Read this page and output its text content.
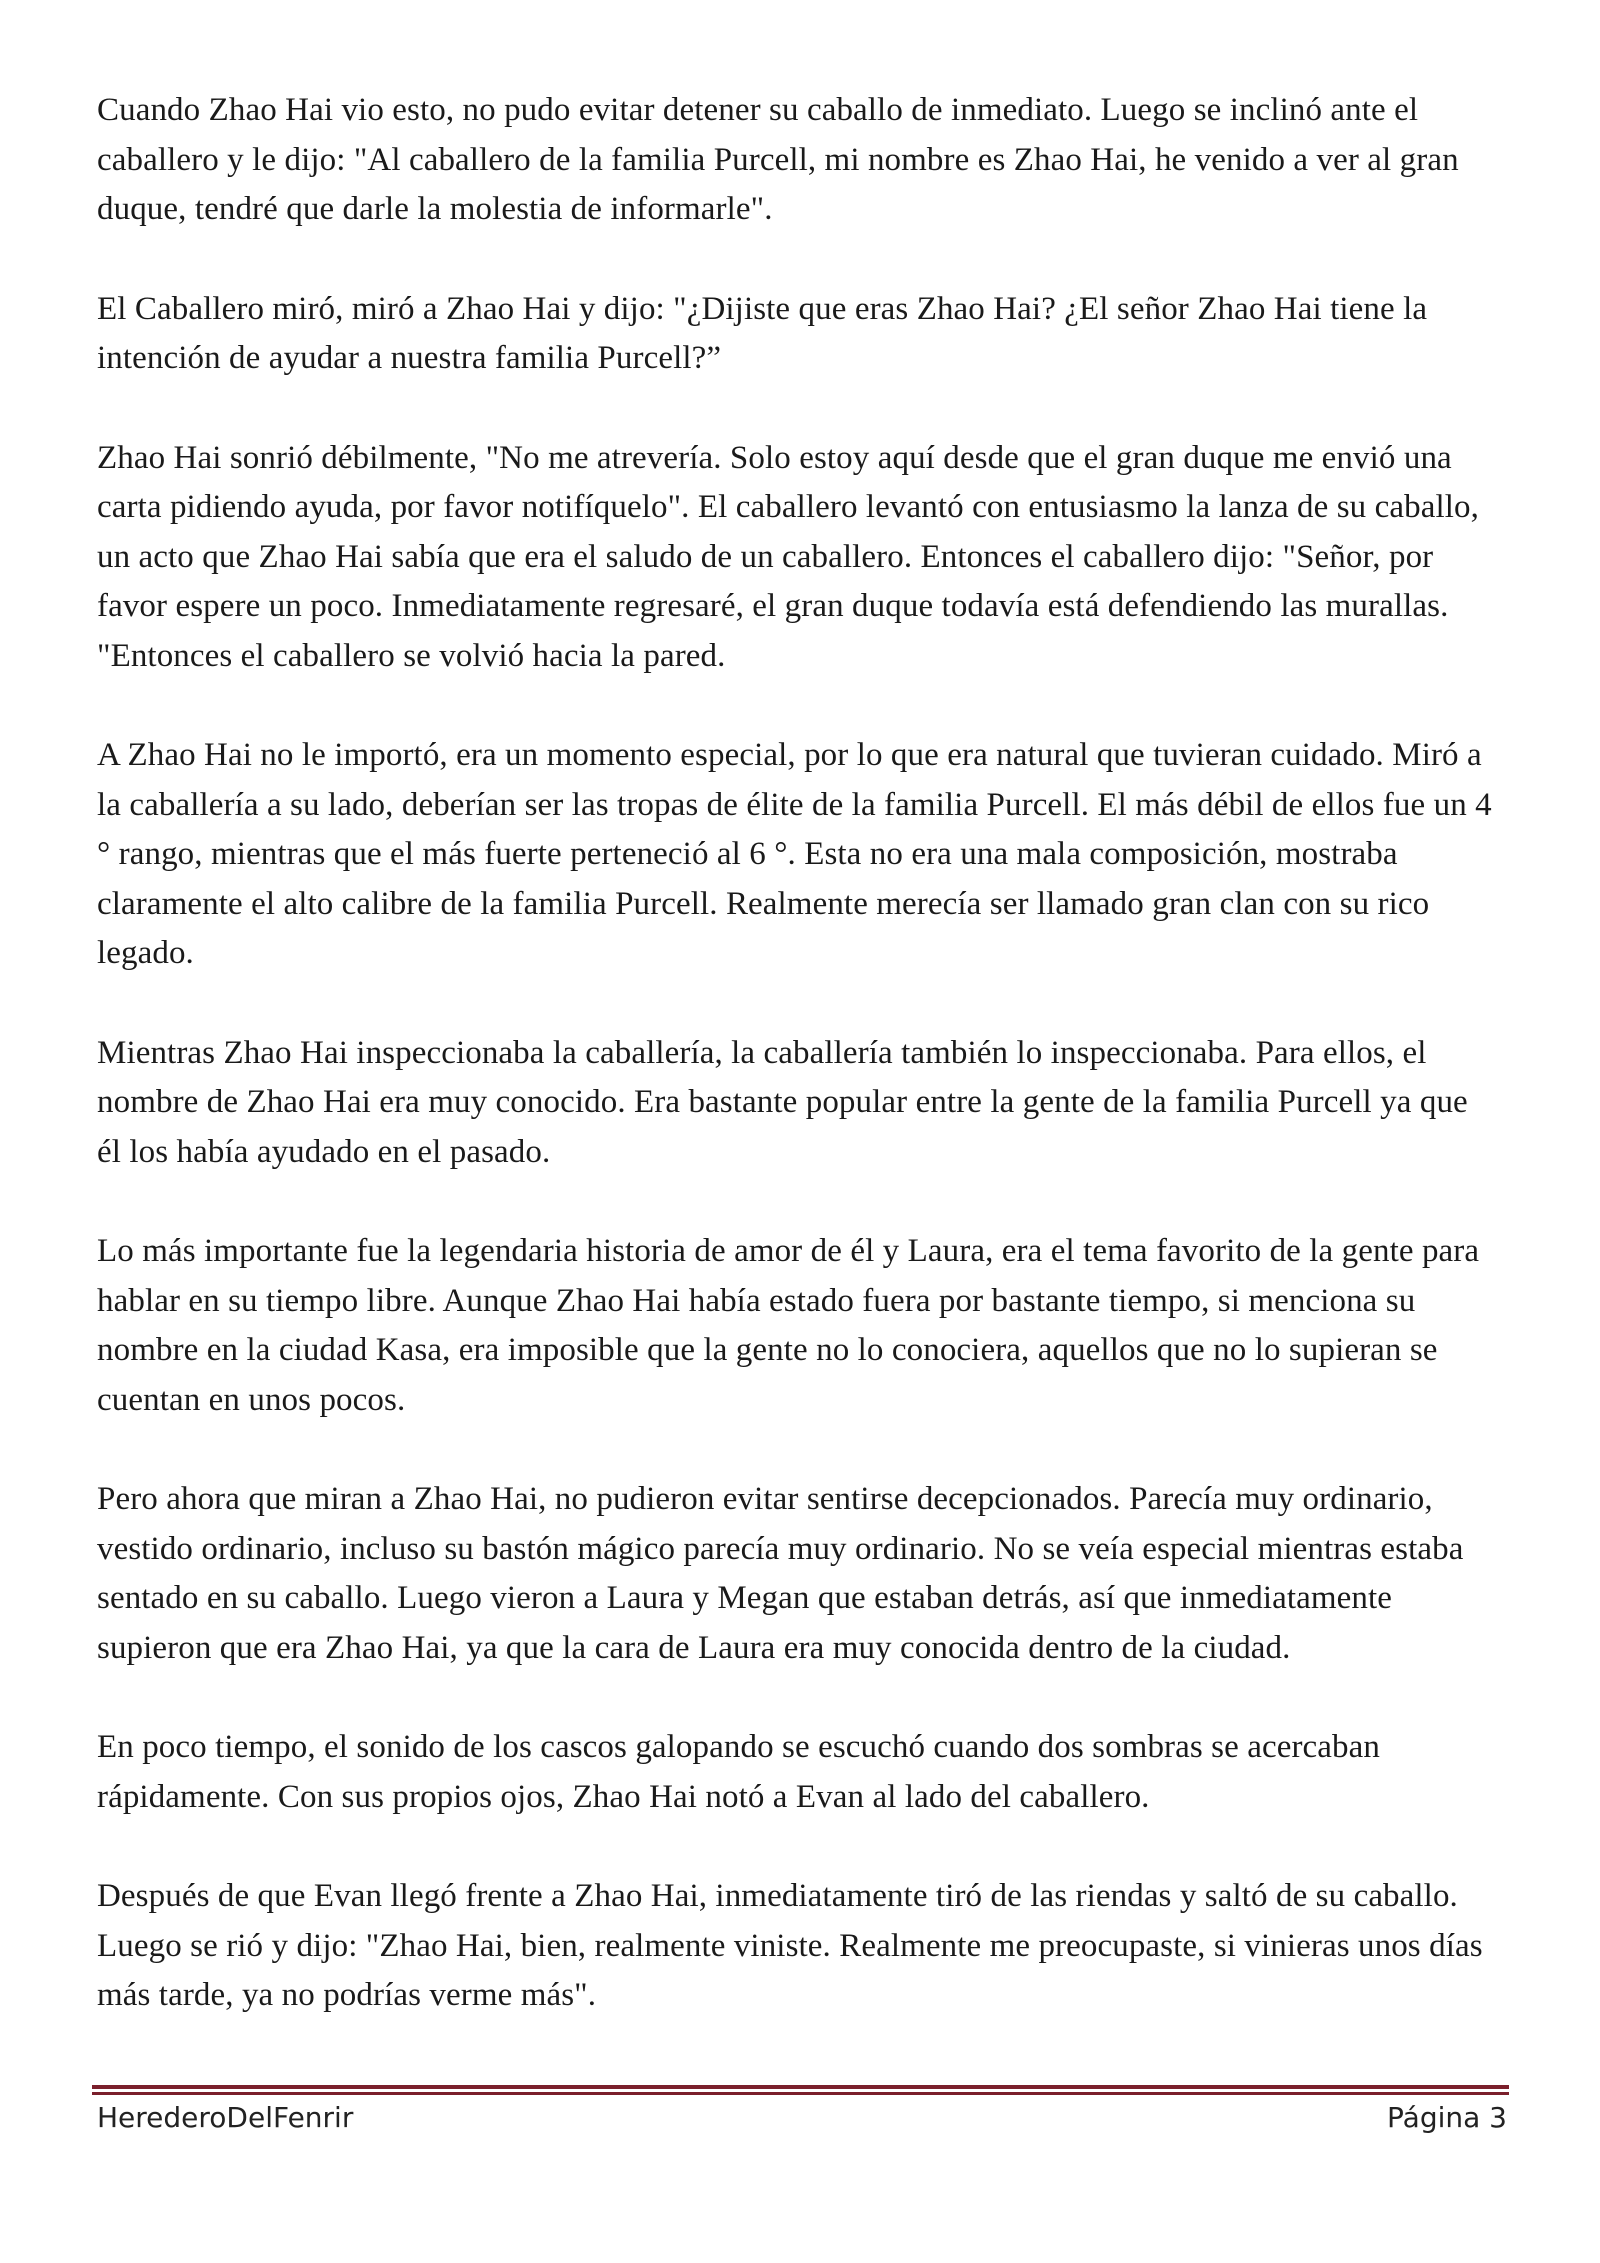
Cuando Zhao Hai vio esto, no pudo evitar detener su caballo de inmediato. Luego se inclinó ante el caballero y le dijo: "Al caballero de la familia Purcell, mi nombre es Zhao Hai, he venido a ver al gran duque, tendré que darle la molestia de informarle".

El Caballero miró, miró a Zhao Hai y dijo: "¿Dijiste que eras Zhao Hai? ¿El señor Zhao Hai tiene la intención de ayudar a nuestra familia Purcell?”

Zhao Hai sonrió débilmente, "No me atrevería. Solo estoy aquí desde que el gran duque me envió una carta pidiendo ayuda, por favor notifíquelo". El caballero levantó con entusiasmo la lanza de su caballo, un acto que Zhao Hai sabía que era el saludo de un caballero. Entonces el caballero dijo: "Señor, por favor espere un poco. Inmediatamente regresaré, el gran duque todavía está defendiendo las murallas. "Entonces el caballero se volvió hacia la pared.

A Zhao Hai no le importó, era un momento especial, por lo que era natural que tuvieran cuidado. Miró a la caballería a su lado, deberían ser las tropas de élite de la familia Purcell. El más débil de ellos fue un 4 ° rango, mientras que el más fuerte perteneció al 6 °. Esta no era una mala composición, mostraba claramente el alto calibre de la familia Purcell. Realmente merecía ser llamado gran clan con su rico legado.

Mientras Zhao Hai inspeccionaba la caballería, la caballería también lo inspeccionaba. Para ellos, el nombre de Zhao Hai era muy conocido. Era bastante popular entre la gente de la familia Purcell ya que él los había ayudado en el pasado.

Lo más importante fue la legendaria historia de amor de él y Laura, era el tema favorito de la gente para hablar en su tiempo libre. Aunque Zhao Hai había estado fuera por bastante tiempo, si menciona su nombre en la ciudad Kasa, era imposible que la gente no lo conociera, aquellos que no lo supieran se cuentan en unos pocos.

Pero ahora que miran a Zhao Hai, no pudieron evitar sentirse decepcionados. Parecía muy ordinario, vestido ordinario, incluso su bastón mágico parecía muy ordinario. No se veía especial mientras estaba sentado en su caballo. Luego vieron a Laura y Megan que estaban detrás, así que inmediatamente supieron que era Zhao Hai, ya que la cara de Laura era muy conocida dentro de la ciudad.

En poco tiempo, el sonido de los cascos galopando se escuchó cuando dos sombras se acercaban rápidamente. Con sus propios ojos, Zhao Hai notó a Evan al lado del caballero.

Después de que Evan llegó frente a Zhao Hai, inmediatamente tiró de las riendas y saltó de su caballo. Luego se rió y dijo: "Zhao Hai, bien, realmente viniste. Realmente me preocupaste, si vinieras unos días más tarde, ya no podrías verme más".

HerederoDelFenrir	Página 3
